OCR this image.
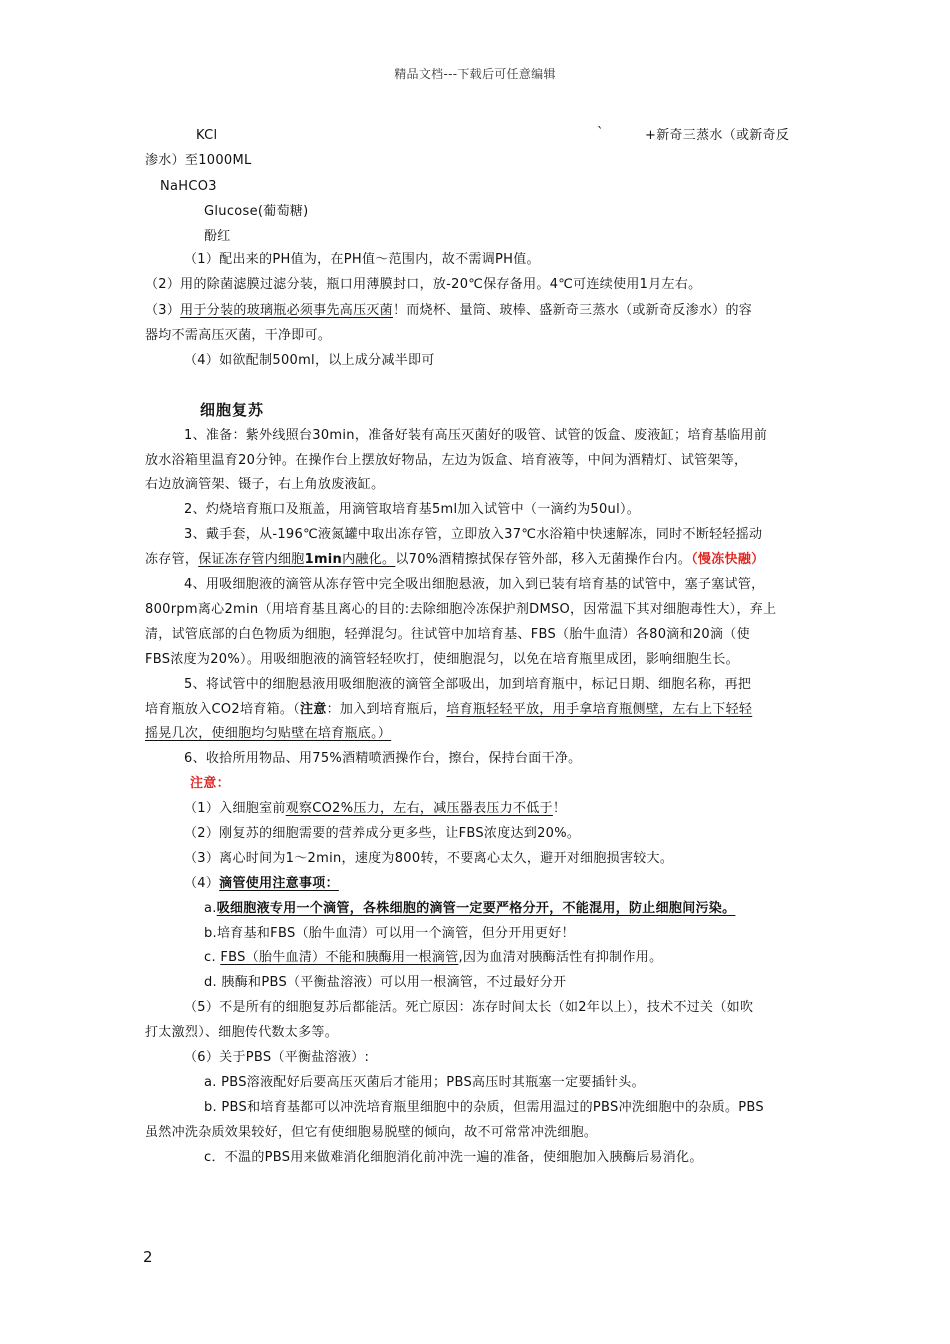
精品文档---下载后可任意编辑
KCl	`	+新奇三蒸水（或新奇反
渗水）至1000ML
NaHCO3
Glucose(葡萄糖)
酚红
（1）配出来的PH值为，在PH值～范围内，故不需调PH值。
（2）用的除菌滤膜过滤分装，瓶口用薄膜封口，放-20℃保存备用。4℃可连续使用1月左右。
（3）用于分装的玻璃瓶必须事先高压灭菌！而烧杯、量筒、玻棒、盛新奇三蒸水（或新奇反渗水）的容
器均不需高压灭菌，干净即可。
（4）如欲配制500ml，以上成分减半即可
细胞复苏
1、准备：紫外线照台30min，准备好装有高压灭菌好的吸管、试管的饭盒、废液缸；培育基临用前
放水浴箱里温育20分钟。在操作台上摆放好物品，左边为饭盒、培育液等，中间为酒精灯、试管架等，
右边放滴管架、镊子，右上角放废液缸。
2、灼烧培育瓶口及瓶盖，用滴管取培育基5ml加入试管中（一滴约为50ul）。
3、戴手套，从-196℃液氮罐中取出冻存管，立即放入37℃水浴箱中快速解冻，同时不断轻轻摇动
冻存管，保证冻存管内细胞1min内融化。以70%酒精擦拭保存管外部，移入无菌操作台内。（慢冻快融）
4、用吸细胞液的滴管从冻存管中完全吸出细胞悬液，加入到已装有培育基的试管中，塞子塞试管，
800rpm离心2min（用培育基且离心的目的:去除细胞冷冻保护剂DMSO，因常温下其对细胞毒性大），弃上
清，试管底部的白色物质为细胞，轻弹混匀。往试管中加培育基、FBS（胎牛血清）各80滴和20滴（使
FBS浓度为20%）。用吸细胞液的滴管轻轻吹打，使细胞混匀，以免在培育瓶里成团，影响细胞生长。
5、将试管中的细胞悬液用吸细胞液的滴管全部吸出，加到培育瓶中，标记日期、细胞名称，再把
培育瓶放入CO2培育箱。（注意：加入到培育瓶后，培育瓶轻轻平放，用手拿培育瓶侧壁，左右上下轻轻
摇晃几次，使细胞均匀贴壁在培育瓶底。）
6、收拾所用物品、用75%酒精喷洒操作台，擦台，保持台面干净。
注意：
（1）入细胞室前观察CO2%压力，左右，减压器表压力不低于！
（2）刚复苏的细胞需要的营养成分更多些，让FBS浓度达到20%。
（3）离心时间为1～2min，速度为800转，不要离心太久，避开对细胞损害较大。
（4）滴管使用注意事项：
a.吸细胞液专用一个滴管，各株细胞的滴管一定要严格分开，不能混用，防止细胞间污染。
b.培育基和FBS（胎牛血清）可以用一个滴管，但分开用更好！
c. FBS（胎牛血清）不能和胰酶用一根滴管,因为血清对胰酶活性有抑制作用。
d. 胰酶和PBS（平衡盐溶液）可以用一根滴管，不过最好分开
（5）不是所有的细胞复苏后都能活。死亡原因：冻存时间太长（如2年以上），技术不过关（如吹
打太激烈）、细胞传代数太多等。
（6）关于PBS（平衡盐溶液）:
a. PBS溶液配好后要高压灭菌后才能用；PBS高压时其瓶塞一定要插针头。
b. PBS和培育基都可以冲洗培育瓶里细胞中的杂质，但需用温过的PBS冲洗细胞中的杂质。PBS
虽然冲洗杂质效果较好，但它有使细胞易脱壁的倾向，故不可常常冲洗细胞。
c．不温的PBS用来做难消化细胞消化前冲洗一遍的准备，使细胞加入胰酶后易消化。
2
